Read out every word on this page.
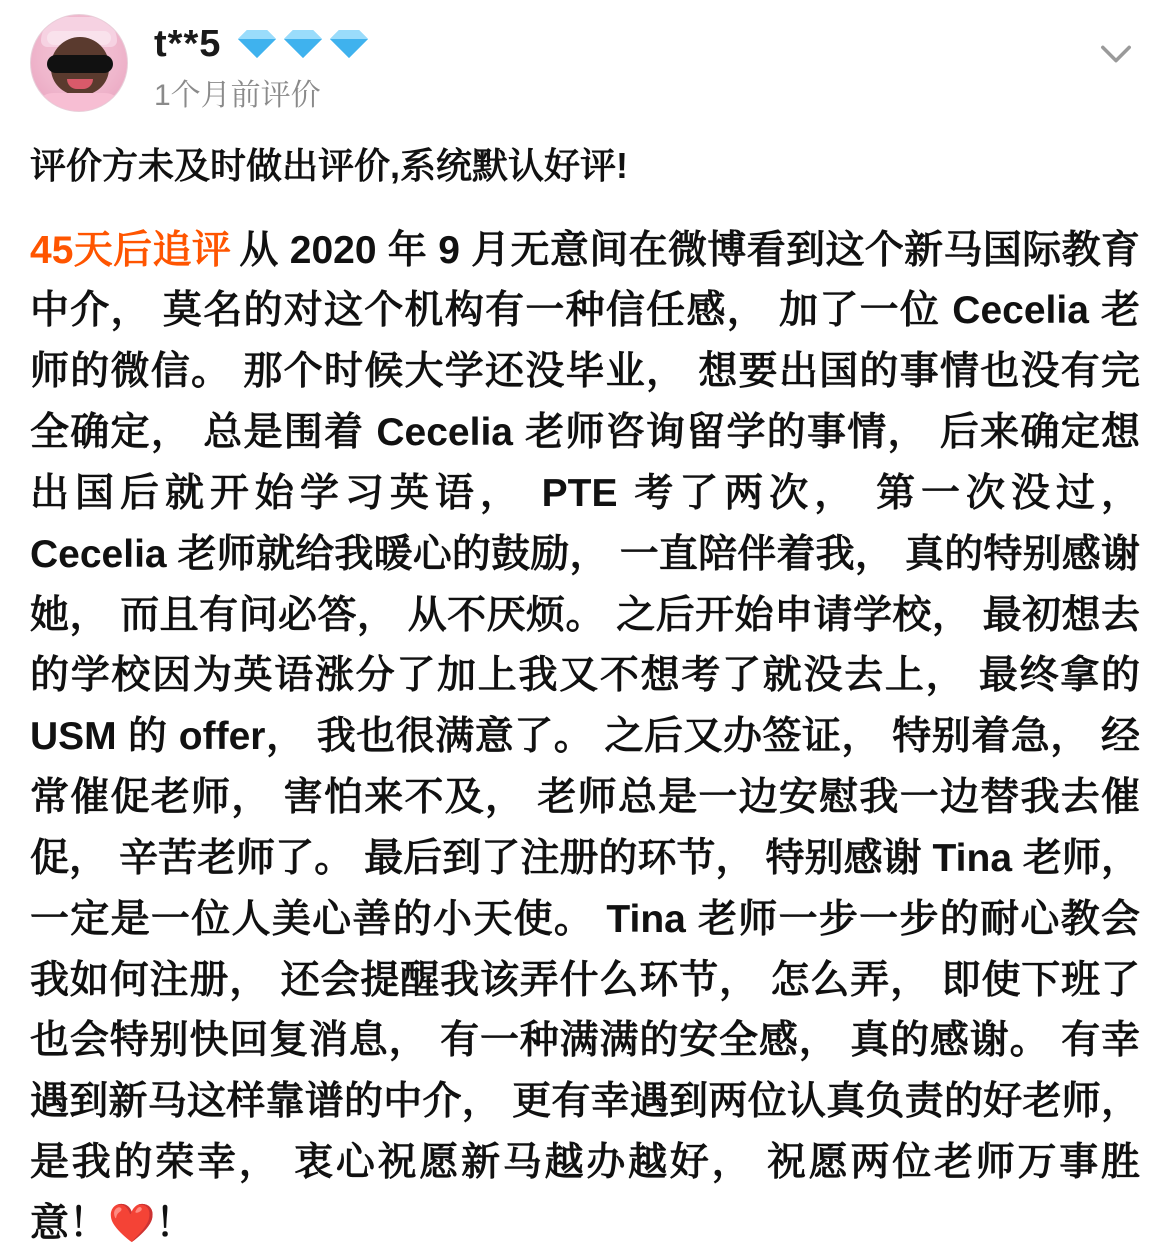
t**5
1个月前评价
评价方未及时做出评价,系统默认好评!
45天后追评 从 2020 年 9 月无意间在微博看到这个新马国际教育中介， 莫名的对这个机构有一种信任感， 加了一位 Cecelia 老师的微信。 那个时候大学还没毕业， 想要出国的事情也没有完全确定， 总是围着 Cecelia 老师咨询留学的事情， 后来确定想出国后就开始学习英语， PTE 考了两次， 第一次没过， Cecelia 老师就给我暖心的鼓励， 一直陪伴着我， 真的特别感谢她， 而且有问必答， 从不厌烦。 之后开始申请学校， 最初想去的学校因为英语涨分了加上我又不想考了就没去上， 最终拿的 USM 的 offer， 我也很满意了。 之后又办签证， 特别着急， 经常催促老师， 害怕来不及， 老师总是一边安慰我一边替我去催促， 辛苦老师了。 最后到了注册的环节， 特别感谢 Tina 老师， 一定是一位人美心善的小天使。 Tina 老师一步一步的耐心教会我如何注册， 还会提醒我该弄什么环节， 怎么弄， 即使下班了也会特别快回复消息， 有一种满满的安全感， 真的感谢。 有幸遇到新马这样靠谱的中介， 更有幸遇到两位认真负责的好老师， 是我的荣幸， 衷心祝愿新马越办越好， 祝愿两位老师万事胜意！❤️！
